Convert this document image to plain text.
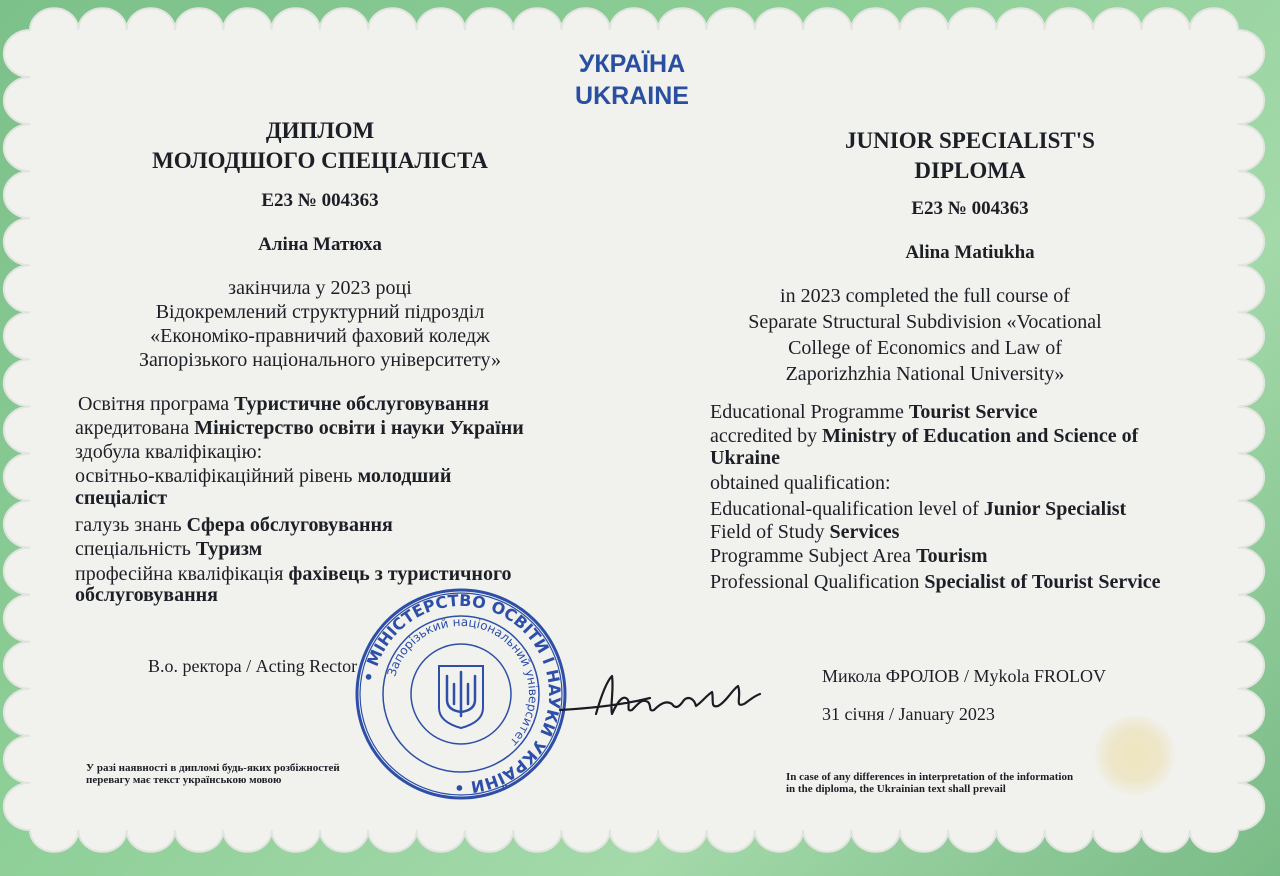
УКРАЇНА
UKRAINE
ДИПЛОМ
МОЛОДШОГО СПЕЦІАЛІСТА
E23 № 004363
Аліна Матюха
закінчила у 2023 році
Відокремлений структурний підрозділ
«Економіко-правничий фаховий коледж
Запорізького національного університету»
Освітня програма Туристичне обслуговування
акредитована Міністерство освіти і науки України
здобула кваліфікацію:
освітньо-кваліфікаційний рівень молодший
спеціаліст
галузь знань Сфера обслуговування
спеціальність Туризм
професійна кваліфікація фахівець з туристичного
обслуговування
В.о. ректора / Acting Rector
У разі наявності в дипломі будь-яких розбіжностей
перевагу має текст українською мовою
JUNIOR SPECIALIST'S
DIPLOMA
E23 № 004363
Alina Matiukha
in 2023 completed the full course of
Separate Structural Subdivision «Vocational
College of Economics and Law of
Zaporizhzhia National University»
Educational Programme Tourist Service
accredited by Ministry of Education and Science of
Ukraine
obtained qualification:
Educational-qualification level of Junior Specialist
Field of Study Services
Programme Subject Area Tourism
Professional Qualification Specialist of Tourist Service
Микола ФРОЛОВ / Mykola FROLOV
31 січня / January 2023
In case of any differences in interpretation of the information
in the diploma, the Ukrainian text shall prevail
• МІНІСТЕРСТВО ОСВІТИ І НАУКИ УКРАЇНИ •
Запорізький національний університет
